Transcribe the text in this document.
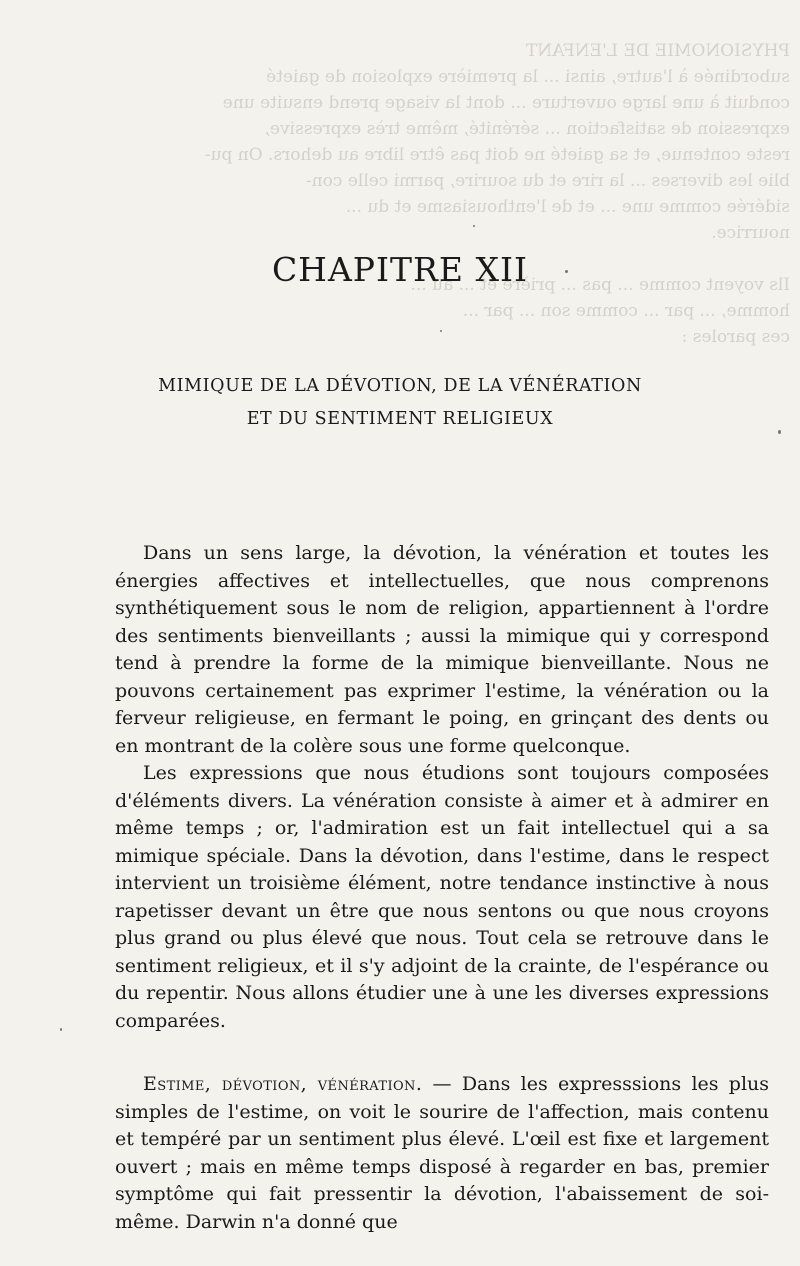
PHYSIONOMIE DE L'ENFANT

subordinée à l'autre, ainsi ... la première explosion de gaieté

conduit à une large ouverture ... dont la visage prend ensuite une

expression de satisfaction ... sérénité, même très expressive,

reste contenue, et sa gaieté ne doit pas être libre au dehors. On pu-

blie les diverses ... la rire et du sourire, parmi celle con-

sidérée comme une ... et de l'enthousiasme et du ...

nourrice.

Ils voyent comme ... pas ... prière et ... au ...

homme, ... par ... comme son ... par ...

ces paroles :

CHAPITRE XII
MIMIQUE DE LA DÉVOTION, DE LA VÉNÉRATION
ET DU SENTIMENT RELIGIEUX

Dans un sens large, la dévotion, la vénération et toutes les énergies affectives et intellectuelles, que nous comprenons synthétiquement sous le nom de religion, appartiennent à l'ordre des sentiments bienveillants ; aussi la mimique qui y correspond tend à prendre la forme de la mimique bienveillante. Nous ne pouvons certainement pas exprimer l'estime, la vénération ou la ferveur religieuse, en fermant le poing, en grinçant des dents ou en montrant de la colère sous une forme quelconque.

Les expressions que nous étudions sont toujours composées d'éléments divers. La vénération consiste à aimer et à admirer en même temps ; or, l'admiration est un fait intellectuel qui a sa mimique spéciale. Dans la dévotion, dans l'estime, dans le respect intervient un troisième élément, notre tendance instinctive à nous rapetisser devant un être que nous sentons ou que nous croyons plus grand ou plus élevé que nous. Tout cela se retrouve dans le sentiment religieux, et il s'y adjoint de la crainte, de l'espérance ou du repentir. Nous allons étudier une à une les diverses expressions comparées.

Estime, dévotion, vénération. — Dans les expresssions les plus simples de l'estime, on voit le sourire de l'affection, mais contenu et tempéré par un sentiment plus élevé. L'œil est fixe et largement ouvert ; mais en même temps disposé à regarder en bas, premier symptôme qui fait pressentir la dévotion, l'abaissement de soi-même. Darwin n'a donné que
